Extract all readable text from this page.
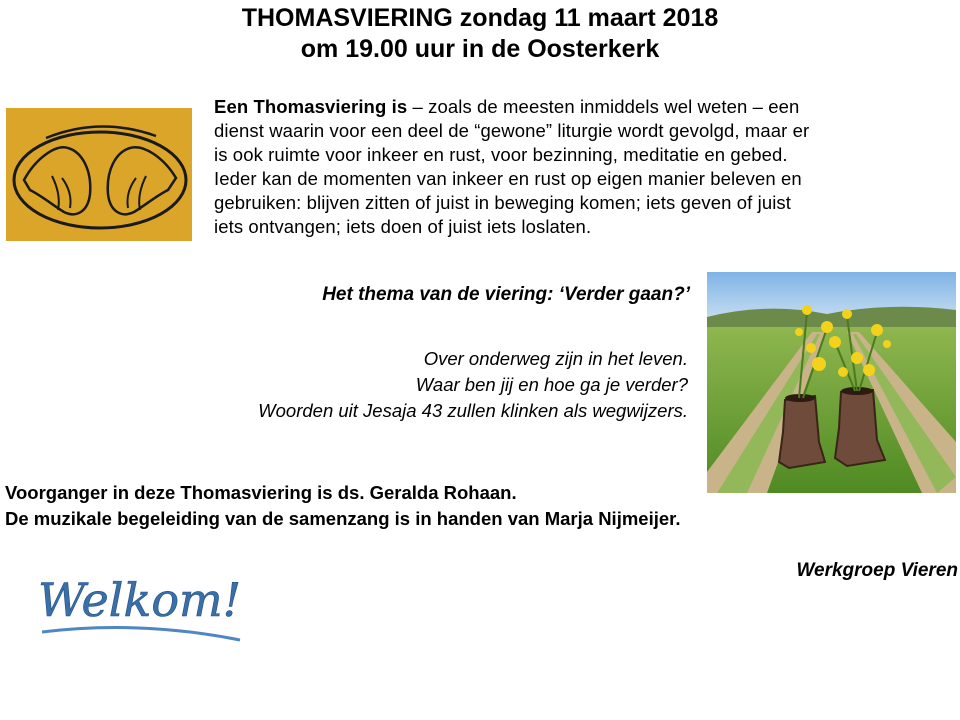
THOMASVIERING zondag 11 maart 2018
om 19.00 uur in de Oosterkerk
Een Thomasviering is – zoals de meesten inmiddels wel weten – een
dienst waarin voor een deel de “gewone” liturgie wordt gevolgd, maar er
is ook ruimte voor inkeer en rust, voor bezinning, meditatie en gebed.
Ieder kan de momenten van inkeer en rust op eigen manier beleven en
gebruiken: blijven zitten of juist in beweging komen; iets geven of juist
iets ontvangen; iets doen of juist iets loslaten.
Het thema van de viering: ‘Verder gaan?’
Over onderweg zijn in het leven.
Waar ben jij en hoe ga je verder?
Woorden uit Jesaja 43 zullen klinken als wegwijzers.
Voorganger in deze Thomasviering is ds. Geralda Rohaan.
De muzikale begeleiding van de samenzang is in handen van Marja Nijmeijer.
Welkom!
Werkgroep Vieren
